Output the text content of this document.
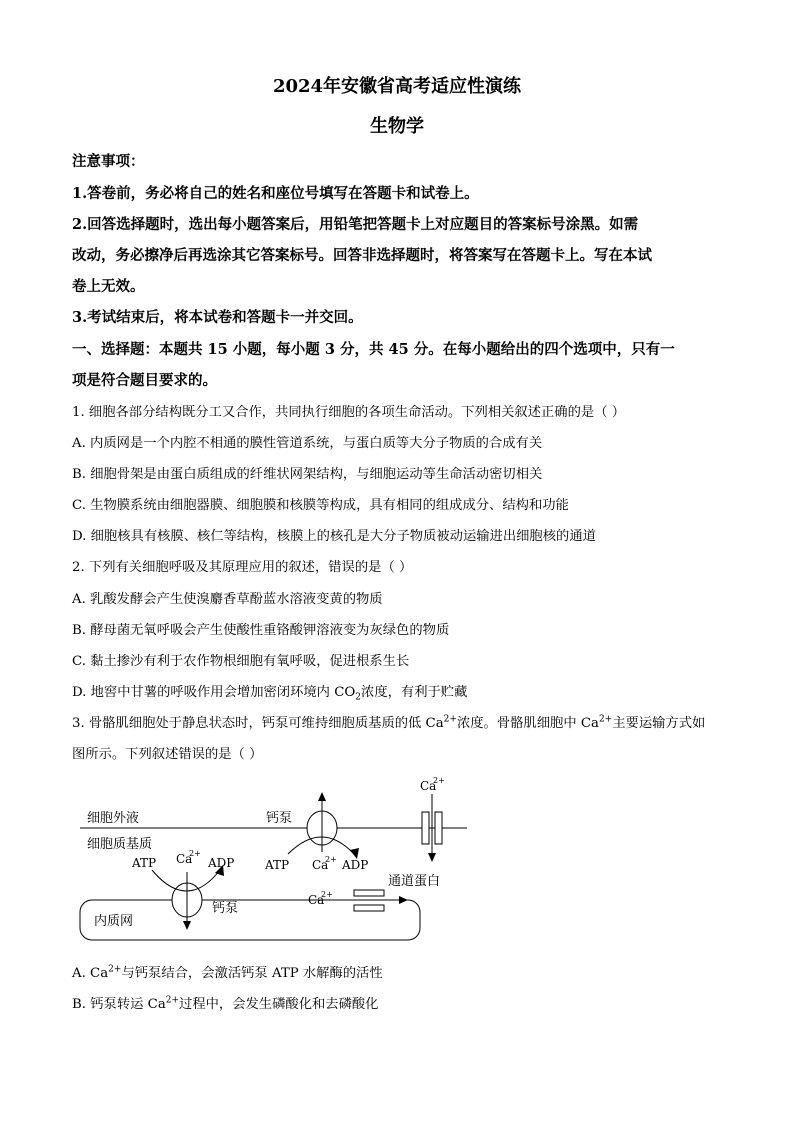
2024年安徽省高考适应性演练
生物学
注意事项：
1.答卷前，务必将自己的姓名和座位号填写在答题卡和试卷上。
2.回答选择题时，选出每小题答案后，用铅笔把答题卡上对应题目的答案标号涂黑。如需
改动，务必擦净后再选涂其它答案标号。回答非选择题时，将答案写在答题卡上。写在本试
卷上无效。
3.考试结束后，将本试卷和答题卡一并交回。
一、选择题：本题共 15 小题，每小题 3 分，共 45 分。在每小题给出的四个选项中，只有一
项是符合题目要求的。
1. 细胞各部分结构既分工又合作，共同执行细胞的各项生命活动。下列相关叙述正确的是（ ）
A. 内质网是一个内腔不相通的膜性管道系统，与蛋白质等大分子物质的合成有关
B. 细胞骨架是由蛋白质组成的纤维状网架结构，与细胞运动等生命活动密切相关
C. 生物膜系统由细胞器膜、细胞膜和核膜等构成，具有相同的组成成分、结构和功能
D. 细胞核具有核膜、核仁等结构，核膜上的核孔是大分子物质被动运输进出细胞核的通道
2. 下列有关细胞呼吸及其原理应用的叙述，错误的是（ ）
A. 乳酸发酵会产生使溴麝香草酚蓝水溶液变黄的物质
B. 酵母菌无氧呼吸会产生使酸性重铬酸钾溶液变为灰绿色的物质
C. 黏土掺沙有利于农作物根细胞有氧呼吸，促进根系生长
D. 地窖中甘薯的呼吸作用会增加密闭环境内 $CO_2$浓度，有利于贮藏
3. 骨骼肌细胞处于静息状态时，钙泵可维持细胞质基质的低 $Ca^{2+}$浓度。骨骼肌细胞中 $Ca^{2+}$主要运输方式如
图所示。下列叙述错误的是（ ）
细胞外液
细胞质基质
钙泵
ATP Ca
2+ ADP
Ca
2+
通道蛋白
内质网
ATP Ca
2+
ADP
钙泵
Ca
2+
A. $Ca^{2+}$与钙泵结合，会激活钙泵 ATP 水解酶的活性
B. 钙泵转运 $Ca^{2+}$过程中，会发生磷酸化和去磷酸化
